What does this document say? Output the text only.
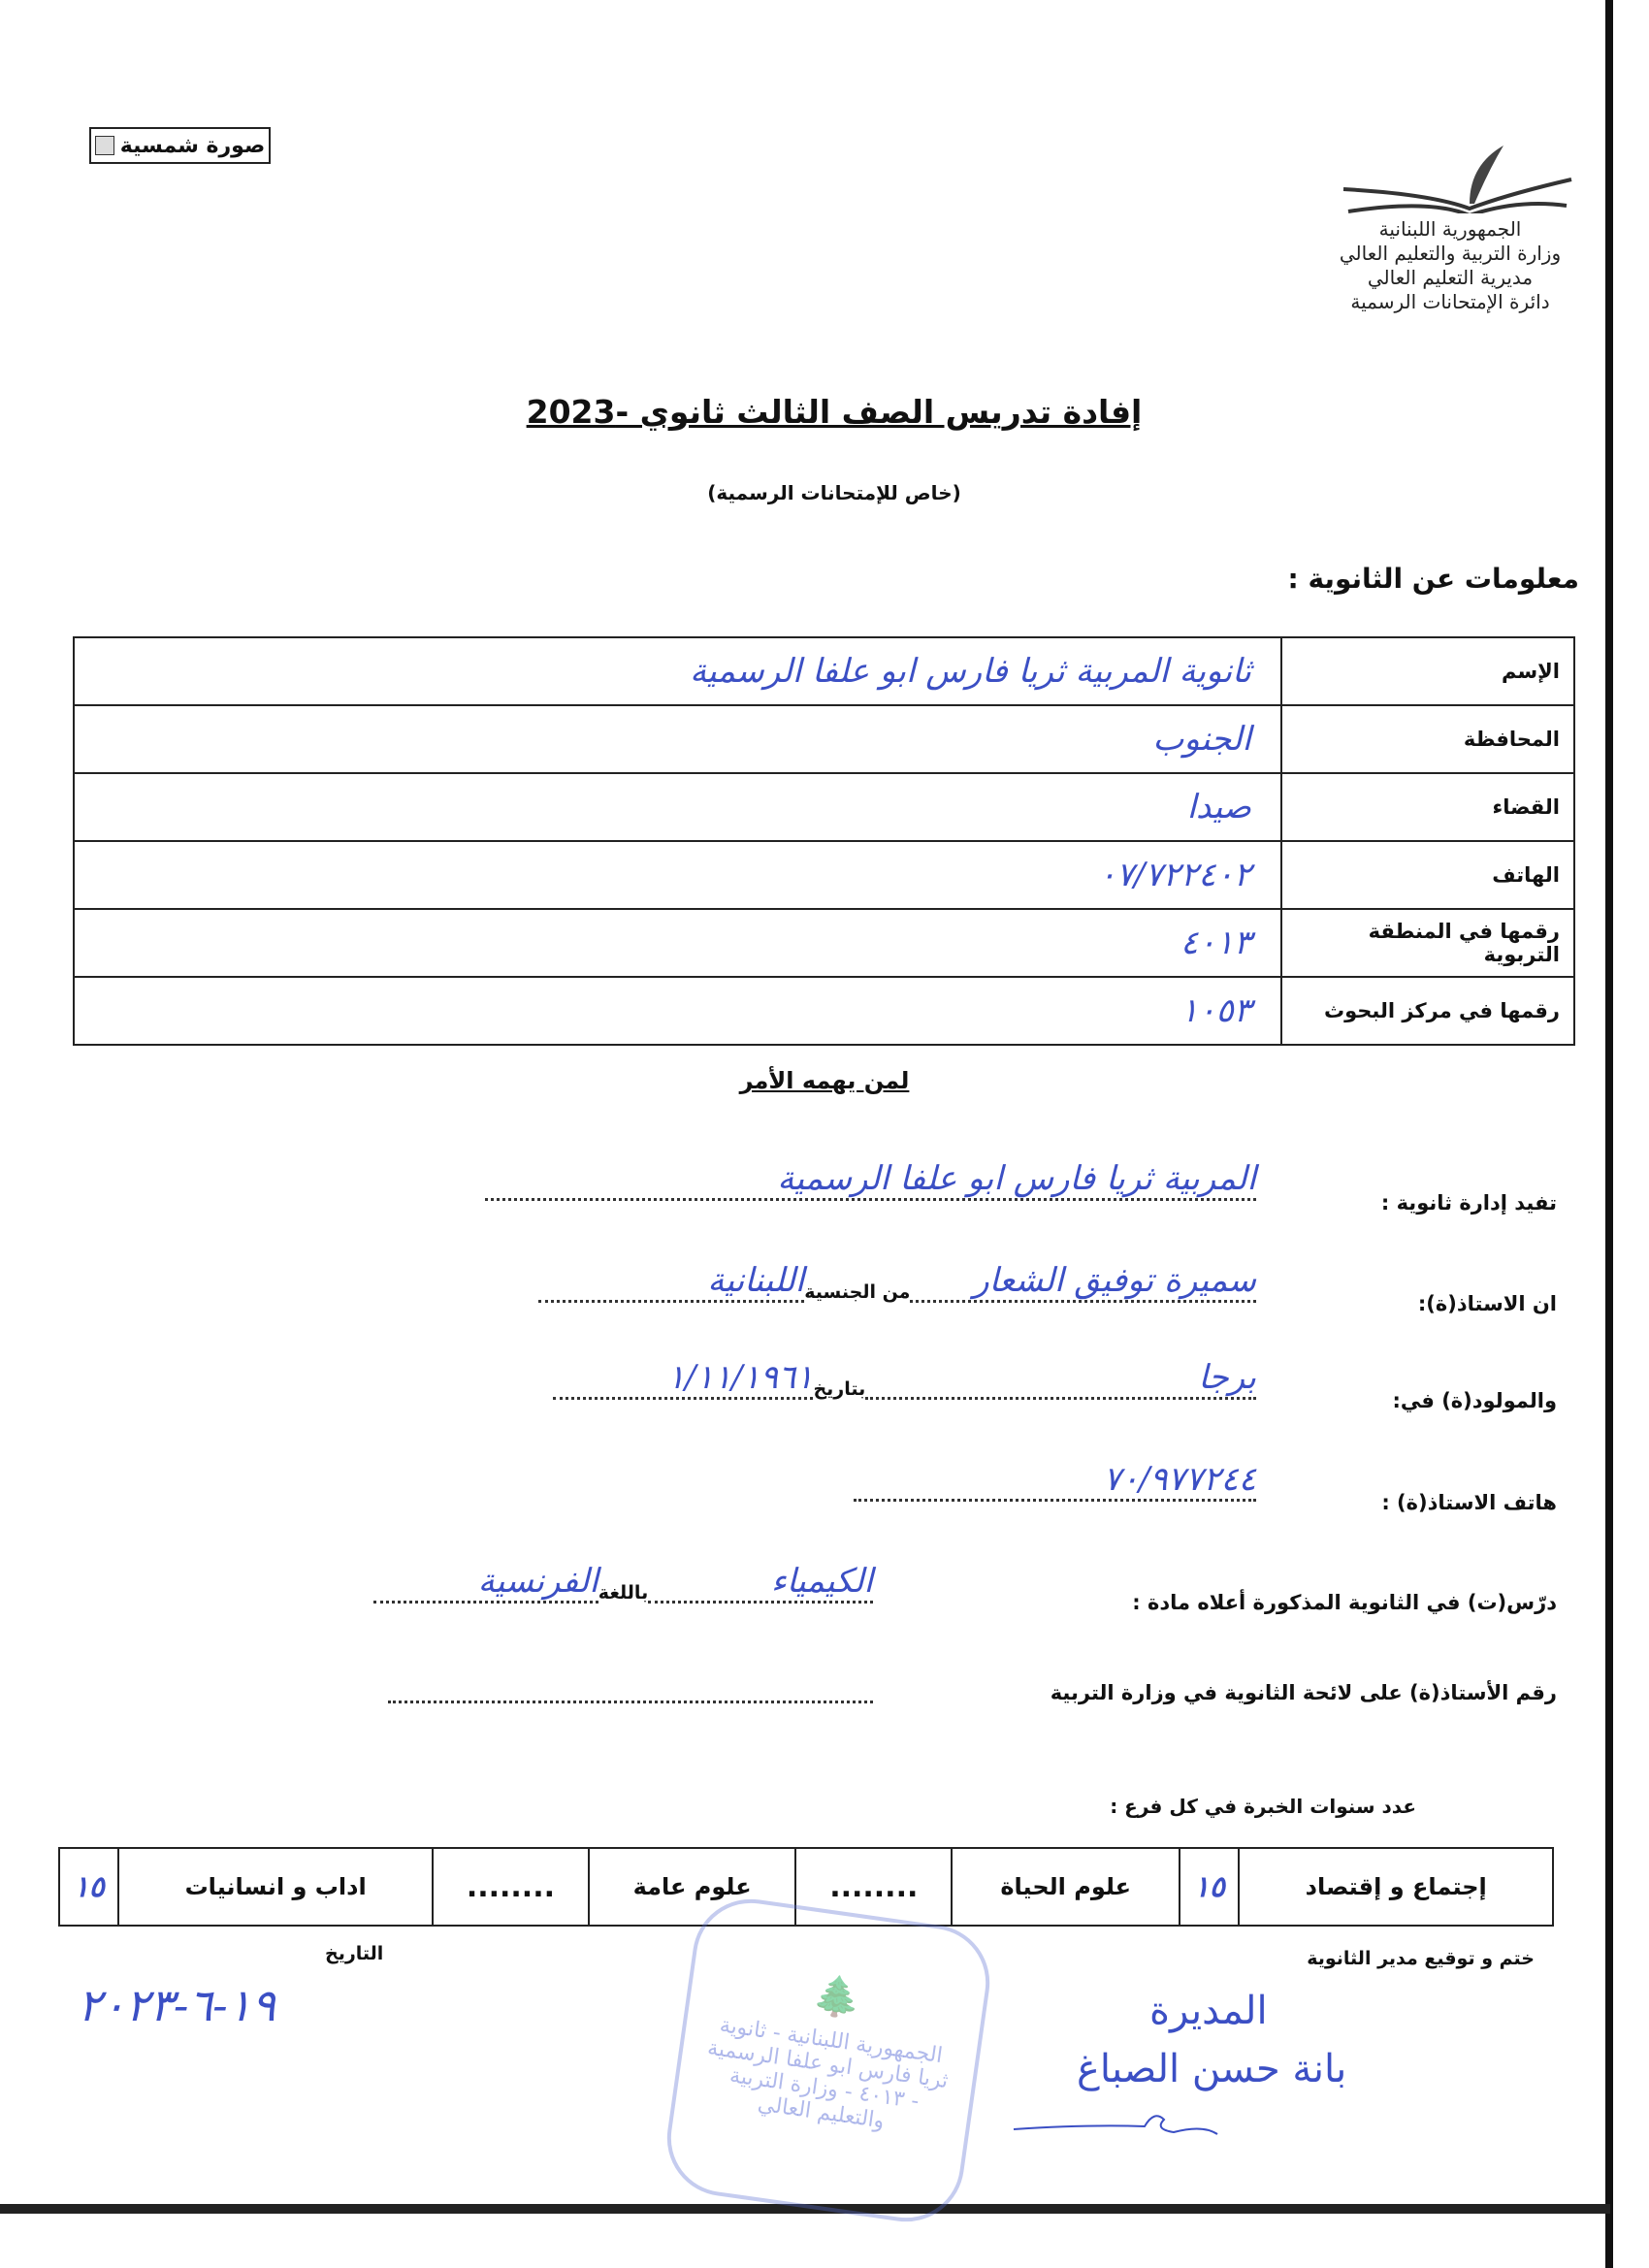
صورة شمسية
الجمهورية اللبنانية
وزارة التربية والتعليم العالي
مديرية التعليم العالي
دائرة الإمتحانات الرسمية
إفادة تدريس الصف الثالث ثانوي -2023
(خاص للإمتحانات الرسمية)
معلومات عن الثانوية :
الإسم	ثانوية المربية ثريا فارس ابو علفا الرسمية
المحافظة	الجنوب
القضاء	صيدا
الهاتف	٠٧/٧٢٢٤٠٢
رقمها في المنطقة التربوية	٤٠١٣
رقمها في مركز البحوث	١٠٥٣
لمن يهمه الأمر
تفيد إدارة ثانوية :
المربية ثريا فارس ابو علفا الرسمية
ان الاستاذ(ة):
سميرة توفيق الشعار
من الجنسية
اللبنانية
والمولود(ة) في:
برجا
بتاريخ
١/١١/١٩٦١
هاتف الاستاذ(ة) :
٧٠/٩٧٧٢٤٤
درّس(ت) في الثانوية المذكورة أعلاه مادة :
الكيمياء
باللغة
الفرنسية
رقم الأستاذ(ة) على لائحة الثانوية في وزارة التربية
عدد سنوات الخبرة في كل فرع :
إجتماع و إقتصاد	١٥	علوم الحياة	........	علوم عامة	........	اداب و انسانيات	١٥
ختم و توقيع مدير الثانوية
التاريخ
١٩-٦-٢٠٢٣	🌲
الجمهورية اللبنانية - ثانوية ثريا فارس ابو علفا الرسمية - ٤٠١٣ - وزارة التربية والتعليم العالي
المديرة
بانة حسن الصباغ
